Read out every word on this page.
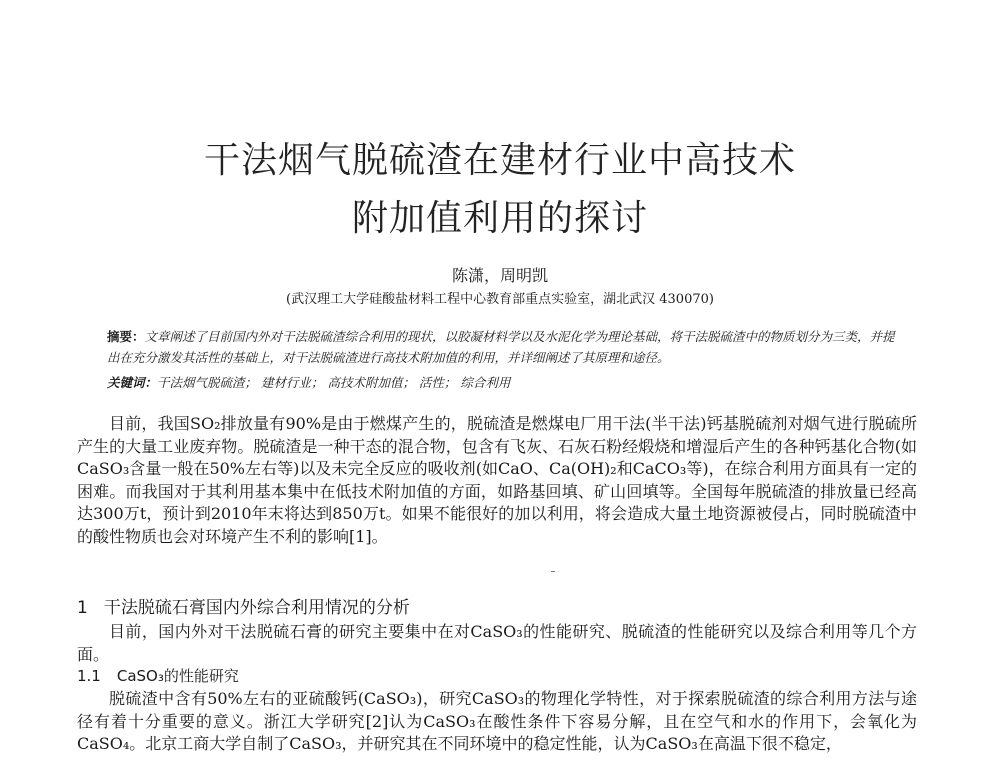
干法烟气脱硫渣在建材行业中高技术
附加值利用的探讨
陈潇，周明凯
(武汉理工大学硅酸盐材料工程中心教育部重点实验室，湖北武汉 430070)
摘要：文章阐述了目前国内外对干法脱硫渣综合利用的现状，以胶凝材料学以及水泥化学为理论基础，将干法脱硫渣中的物质划分为三类，并提出在充分激发其活性的基础上，对干法脱硫渣进行高技术附加值的利用，并详细阐述了其原理和途径。
关键词：干法烟气脱硫渣； 建材行业； 高技术附加值； 活性； 综合利用

目前，我国SO₂排放量有90%是由于燃煤产生的，脱硫渣是燃煤电厂用干法(半干法)钙基脱硫剂对烟气进行脱硫所产生的大量工业废弃物。脱硫渣是一种干态的混合物，包含有飞灰、石灰石粉经煅烧和增湿后产生的各种钙基化合物(如CaSO₃含量一般在50%左右等)以及未完全反应的吸收剂(如CaO、Ca(OH)₂和CaCO₃等)，在综合利用方面具有一定的困难。而我国对于其利用基本集中在低技术附加值的方面，如路基回填、矿山回填等。全国每年脱硫渣的排放量已经高达300万t，预计到2010年末将达到850万t。如果不能很好的加以利用，将会造成大量土地资源被侵占，同时脱硫渣中的酸性物质也会对环境产生不利的影响[1]。

1 干法脱硫石膏国内外综合利用情况的分析

目前，国内外对干法脱硫石膏的研究主要集中在对CaSO₃的性能研究、脱硫渣的性能研究以及综合利用等几个方面。

1.1 CaSO₃的性能研究

脱硫渣中含有50%左右的亚硫酸钙(CaSO₃)，研究CaSO₃的物理化学特性，对于探索脱硫渣的综合利用方法与途径有着十分重要的意义。浙江大学研究[2]认为CaSO₃在酸性条件下容易分解，且在空气和水的作用下，会氧化为CaSO₄。北京工商大学自制了CaSO₃，并研究其在不同环境中的稳定性能，认为CaSO₃在高温下很不稳定，
